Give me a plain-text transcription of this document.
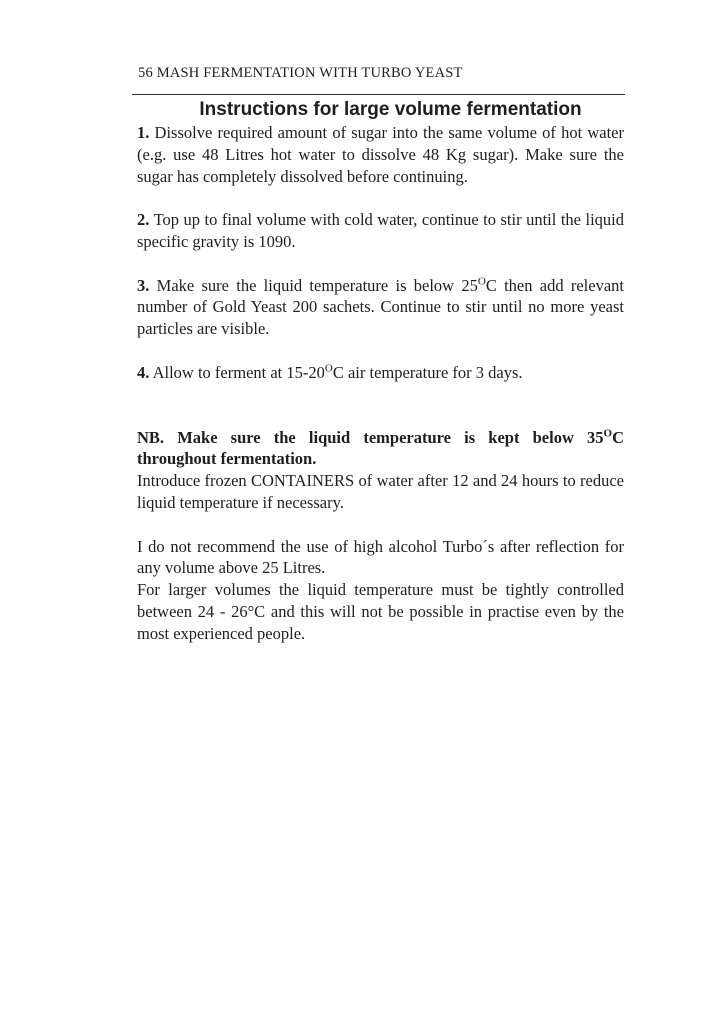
56 MASH FERMENTATION WITH TURBO YEAST
Instructions for large volume fermentation

1. Dissolve required amount of sugar into the same volume of hot water (e.g. use 48 Litres hot water to dissolve 48 Kg sugar). Make sure the sugar has completely dissolved before continuing.

2. Top up to final volume with cold water, continue to stir until the liquid specific gravity is 1090.

3. Make sure the liquid temperature is below $25^OC$ then add relevant number of Gold Yeast 200 sachets. Continue to stir until no more yeast particles are visible.

4. Allow to ferment at $15-20^OC$ air temperature for 3 days.

NB. Make sure the liquid temperature is kept below $35^OC$ throughout fermentation.

Introduce frozen CONTAINERS of water after 12 and 24 hours to reduce liquid temperature if necessary.

I do not recommend the use of high alcohol Turbo´s after reflection for any volume above 25 Litres.

For larger volumes the liquid temperature must be tightly controlled between 24 - 26°C and this will not be possible in practise even by the most experienced people.
